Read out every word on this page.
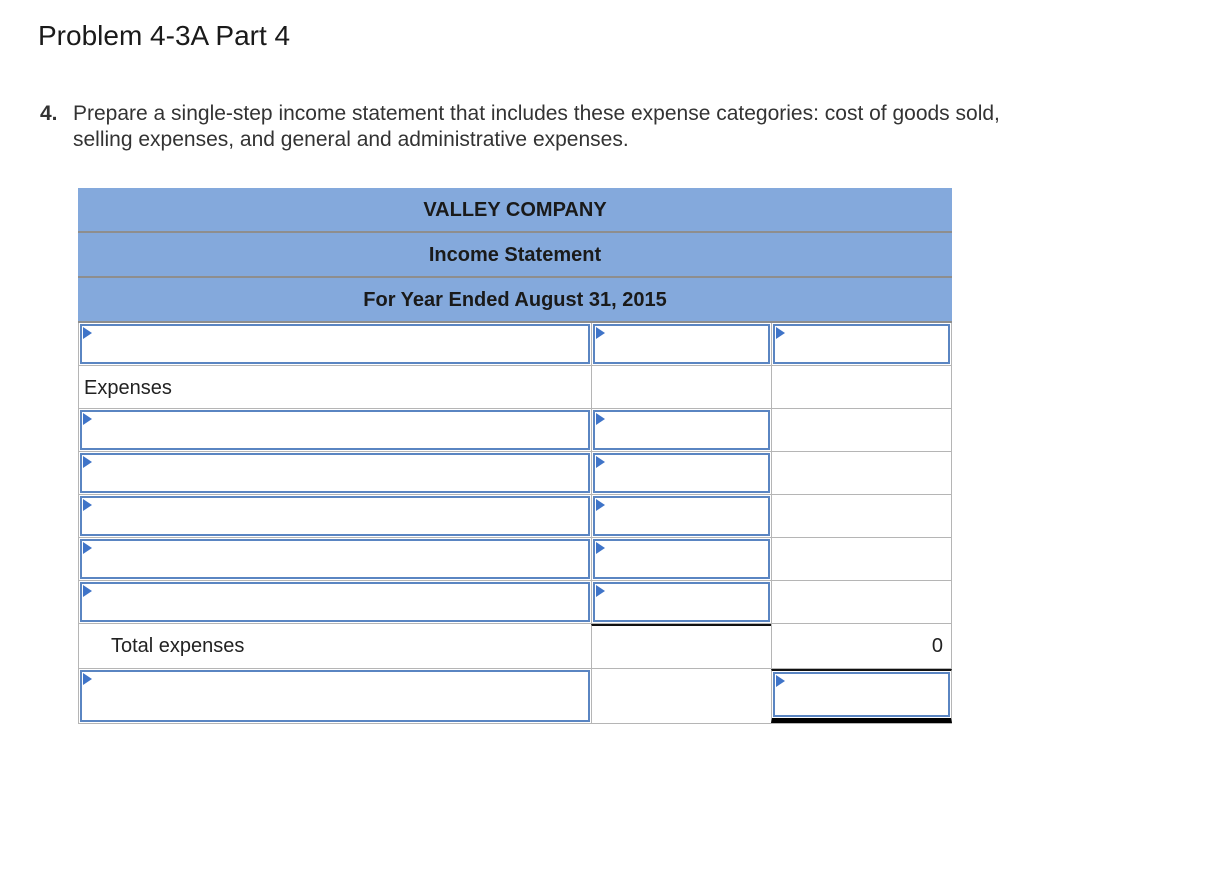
Problem 4-3A Part 4
4. Prepare a single-step income statement that includes these expense categories: cost of goods sold,
selling expenses, and general and administrative expenses.
VALLEY COMPANY
Income Statement
For Year Ended August 31, 2015
Expenses
Total expenses	0
